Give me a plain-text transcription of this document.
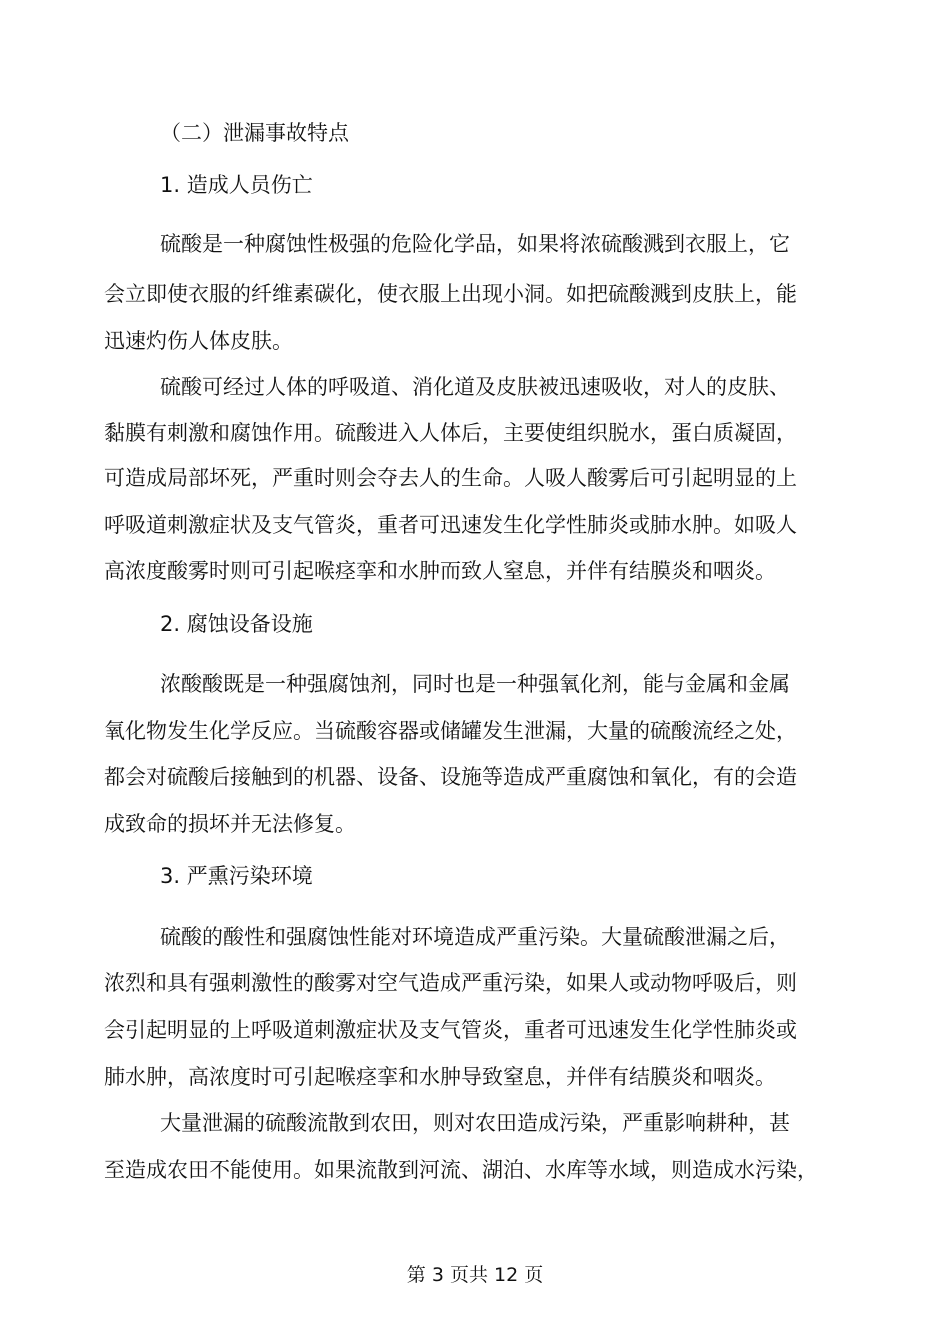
（二）泄漏事故特点

1. 造成人员伤亡

硫酸是一种腐蚀性极强的危险化学品，如果将浓硫酸溅到衣服上，它

会立即使衣服的纤维素碳化，使衣服上出现小洞。如把硫酸溅到皮肤上，能

迅速灼伤人体皮肤。

硫酸可经过人体的呼吸道、消化道及皮肤被迅速吸收，对人的皮肤、

黏膜有刺激和腐蚀作用。硫酸进入人体后，主要使组织脱水，蛋白质凝固，

可造成局部坏死，严重时则会夺去人的生命。人吸人酸雾后可引起明显的上

呼吸道刺激症状及支气管炎，重者可迅速发生化学性肺炎或肺水肿。如吸人

高浓度酸雾时则可引起喉痉挛和水肿而致人窒息，并伴有结膜炎和咽炎。

2. 腐蚀设备设施

浓酸酸既是一种强腐蚀剂，同时也是一种强氧化剂，能与金属和金属

氧化物发生化学反应。当硫酸容器或储罐发生泄漏，大量的硫酸流经之处，

都会对硫酸后接触到的机器、设备、设施等造成严重腐蚀和氧化，有的会造

成致命的损坏并无法修复。

3. 严熏污染环境

硫酸的酸性和强腐蚀性能对环境造成严重污染。大量硫酸泄漏之后，

浓烈和具有强刺激性的酸雾对空气造成严重污染，如果人或动物呼吸后，则

会引起明显的上呼吸道刺激症状及支气管炎，重者可迅速发生化学性肺炎或

肺水肿，高浓度时可引起喉痉挛和水肿导致窒息，并伴有结膜炎和咽炎。

大量泄漏的硫酸流散到农田，则对农田造成污染，严重影响耕种，甚

至造成农田不能使用。如果流散到河流、湖泊、水库等水域，则造成水污染，

第 3 页共 12 页
